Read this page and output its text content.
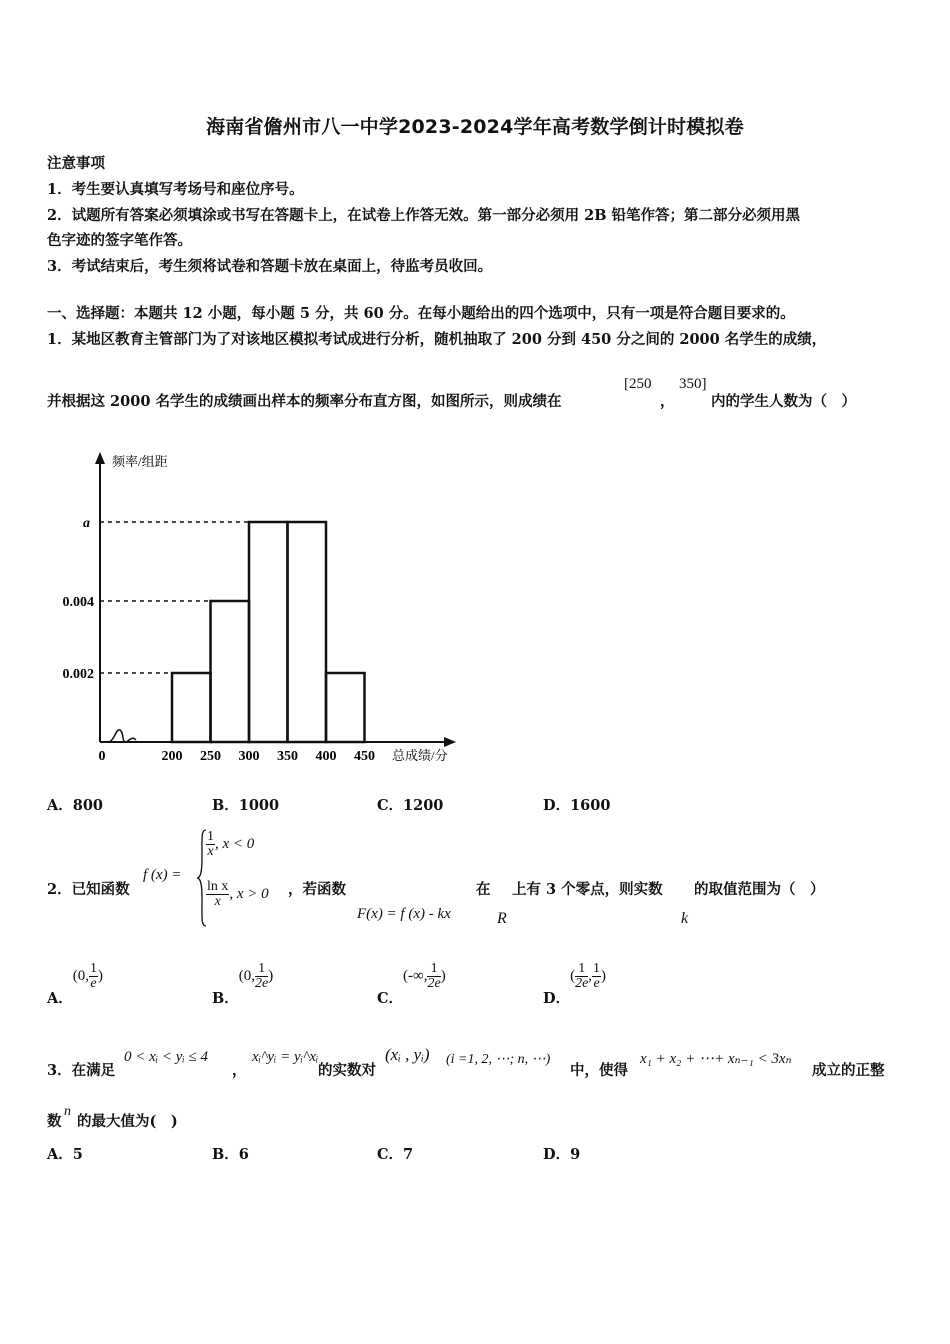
海南省儋州市八一中学2023-2024学年高考数学倒计时模拟卷
注意事项
1．考生要认真填写考场号和座位序号。
2．试题所有答案必须填涂或书写在答题卡上，在试卷上作答无效。第一部分必须用 2B 铅笔作答；第二部分必须用黑
色字迹的签字笔作答。
3．考试结束后，考生须将试卷和答题卡放在桌面上，待监考员收回。
一、选择题：本题共 12 小题，每小题 5 分，共 60 分。在每小题给出的四个选项中，只有一项是符合题目要求的。
1．某地区教育主管部门为了对该地区模拟考试成进行分析，随机抽取了 200 分到 450 分之间的 2000 名学生的成绩，
并根据这 2000 名学生的成绩画出样本的频率分布直方图，如图所示，则成绩在
[250
，
350]
内的学生人数为（　）
频率/组距
总成绩/分
0	200 250 300 350 400 450
0.002
0.004
a
A．800	B．1000	C．1200	D．1600
2．已知函数
f (x) =
$\frac{1}{x}$ , x < 0
$\frac{\text{ln x}}{x}$ , x > 0 ，若函数
F(x) = f (x) - kx
在
R
上有 3 个零点，则实数
k
的取值范围为（　）
A．(0, $\frac{1}{e}$ )
B．(0, $\frac{1}{2e}$ )
C．(-∞, $\frac{1}{2e}$ )
D．( $\frac{1}{2e}$ , $\frac{1}{e}$ )
3．在满足
0 < xᵢ < yᵢ ≤ 4
，
xᵢ^yᵢ = yᵢ^xᵢ
的实数对
(xᵢ , yᵢ) (i =1, 2, ⋯; n, ⋯)
中，使得
x₁ + x₂ + ⋯+ xₙ₋₁ < 3xₙ
成立的正整
数
n
的最大值为(　)
A．5	B．6	C．7	D．9
